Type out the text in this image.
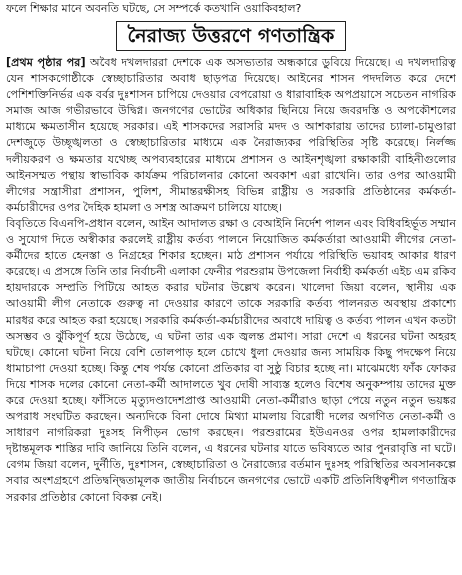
ফলে শিক্ষার মানে অবনতি ঘটছে, সে সম্পর্কে কতখানি ওয়াকিবহাল?
নৈরাজ্য উত্তরণে গণতান্ত্রিক

[প্রথম পৃষ্ঠার পর] অবৈধ দখলদাররা দেশকে এক অসভ্যতার অন্ধকারে ডুবিয়ে দিয়েছে। এ দখলদারিত্ব যেন শাসকগোষ্ঠীকে স্বেচ্ছাচারিতার অবাধ ছাড়পত্র দিয়েছে। আইনের শাসন পদদলিত করে দেশে পেশিশক্তিনির্ভর এক বর্বর দুঃশাসন চাপিয়ে দেওয়ার বেপরোয়া ও ধারাবাহিক অপপ্রয়াসে সচেতন নাগরিক সমাজ আজ গভীরভাবে উদ্বিগ্ন। জনগণের ভোটের অধিকার ছিনিয়ে নিয়ে জবরদস্তি ও অপকৌশলের মাধ্যমে ক্ষমতাসীন হয়েছে সরকার। এই শাসকদের সরাসরি মদদ ও আশকারায় তাদের চ্যালা-চামুণ্ডারা দেশজুড়ে উচ্ছৃঙ্খলতা ও স্বেচ্ছাচারিতার মাধ্যমে এক নৈরাজ্যকর পরিস্থিতির সৃষ্টি করেছে। নির্লজ্জ দলীয়করণ ও ক্ষমতার যথেচ্ছ অপব্যবহারের মাধ্যমে প্রশাসন ও আইনশৃঙ্খলা রক্ষাকারী বাহিনীগুলোর আইনসম্মত পন্থায় স্বাভাবিক কার্যক্রম পরিচালনার কোনো অবকাশ এরা রাখেনি। তার ওপর আওয়ামী লীগের সন্ত্রাসীরা প্রশাসন, পুলিশ, সীমান্তরক্ষীসহ বিভিন্ন রাষ্ট্রীয় ও সরকারি প্রতিষ্ঠানের কর্মকর্তা-কর্মচারীদের ওপর দৈহিক হামলা ও সশস্ত্র আক্রমণ চালিয়ে যাচ্ছে।

বিবৃতিতে বিএনপি-প্রধান বলেন, আইন আদালত রক্ষা ও বেআইনি নির্দেশ পালন এবং বিধিবহির্ভূত সম্মান ও সুযোগ দিতে অস্বীকার করলেই রাষ্ট্রীয় কর্তব্য পালনে নিয়োজিত কর্মকর্তারা আওয়ামী লীগের নেতা-কর্মীদের হাতে হেনস্তা ও নিগ্রহের শিকার হচ্ছেন। মাঠ প্রশাসন পর্যায়ে পরিস্থিতি ভয়াবহ আকার ধারণ করেছে। এ প্রসঙ্গে তিনি তার নির্বাচনী এলাকা ফেনীর পরশুরাম উপজেলা নির্বাহী কর্মকর্তা এইচ এম রকিব হায়দারকে সম্প্রতি পিটিয়ে আহত করার ঘটনার উল্লেখ করেন। খালেদা জিয়া বলেন, স্থানীয় এক আওয়ামী লীগ নেতাকে গুরুত্ব না দেওয়ার কারণে তাকে সরকারি কর্তব্য পালনরত অবস্থায় প্রকাশ্যে মারধর করে আহত করা হয়েছে। সরকারি কর্মকর্তা-কর্মচারীদের অবাধে দায়িত্ব ও কর্তব্য পালন এখন কতটা অসম্ভব ও ঝুঁকিপূর্ণ হয়ে উঠেছে, এ ঘটনা তার এক জ্বলন্ত প্রমাণ। সারা দেশে এ ধরনের ঘটনা অহরহ ঘটছে। কোনো ঘটনা নিয়ে বেশি তোলপাড় হলে চোখে ধুলা দেওয়ার জন্য সাময়িক কিছু পদক্ষেপ নিয়ে ধামাচাপা দেওয়া হচ্ছে। কিন্তু শেষ পর্যন্ত কোনো প্রতিকার বা সুষ্ঠু বিচার হচ্ছে না। মাঝেমধ্যে ফাঁক ফোকর দিয়ে শাসক দলের কোনো নেতা-কর্মী আদালতে খুব দোষী সাব্যস্ত হলেও বিশেষ অনুকম্পায় তাদের মুক্ত করে দেওয়া হচ্ছে। ফাঁসিতে মৃত্যুদণ্ডাদেশপ্রাপ্ত আওয়ামী নেতা-কর্মীরাও ছাড়া পেয়ে নতুন নতুন ভয়ঙ্কর অপরাধ সংঘটিত করছেন। অন্যদিকে বিনা দোষে মিথ্যা মামলায় বিরোধী দলের অগণিত নেতা-কর্মী ও সাধারণ নাগরিকরা দুঃসহ নিপীড়ন ভোগ করছেন। পরশুরামের ইউএনওর ওপর হামলাকারীদের দৃষ্টান্তমূলক শাস্তির দাবি জানিয়ে তিনি বলেন, এ ধরনের ঘটনার যাতে ভবিষ্যতে আর পুনরাবৃত্তি না ঘটে। বেগম জিয়া বলেন, দুর্নীতি, দুঃশাসন, স্বেচ্ছাচারিতা ও নৈরাজ্যের বর্তমান দুঃসহ পরিস্থিতির অবসানকল্পে সবার অংশগ্রহণে প্রতিদ্বন্দ্বিতামূলক জাতীয় নির্বাচনে জনগণের ভোটে একটি প্রতিনিধিত্বশীল গণতান্ত্রিক সরকার প্রতিষ্ঠার কোনো বিকল্প নেই।
